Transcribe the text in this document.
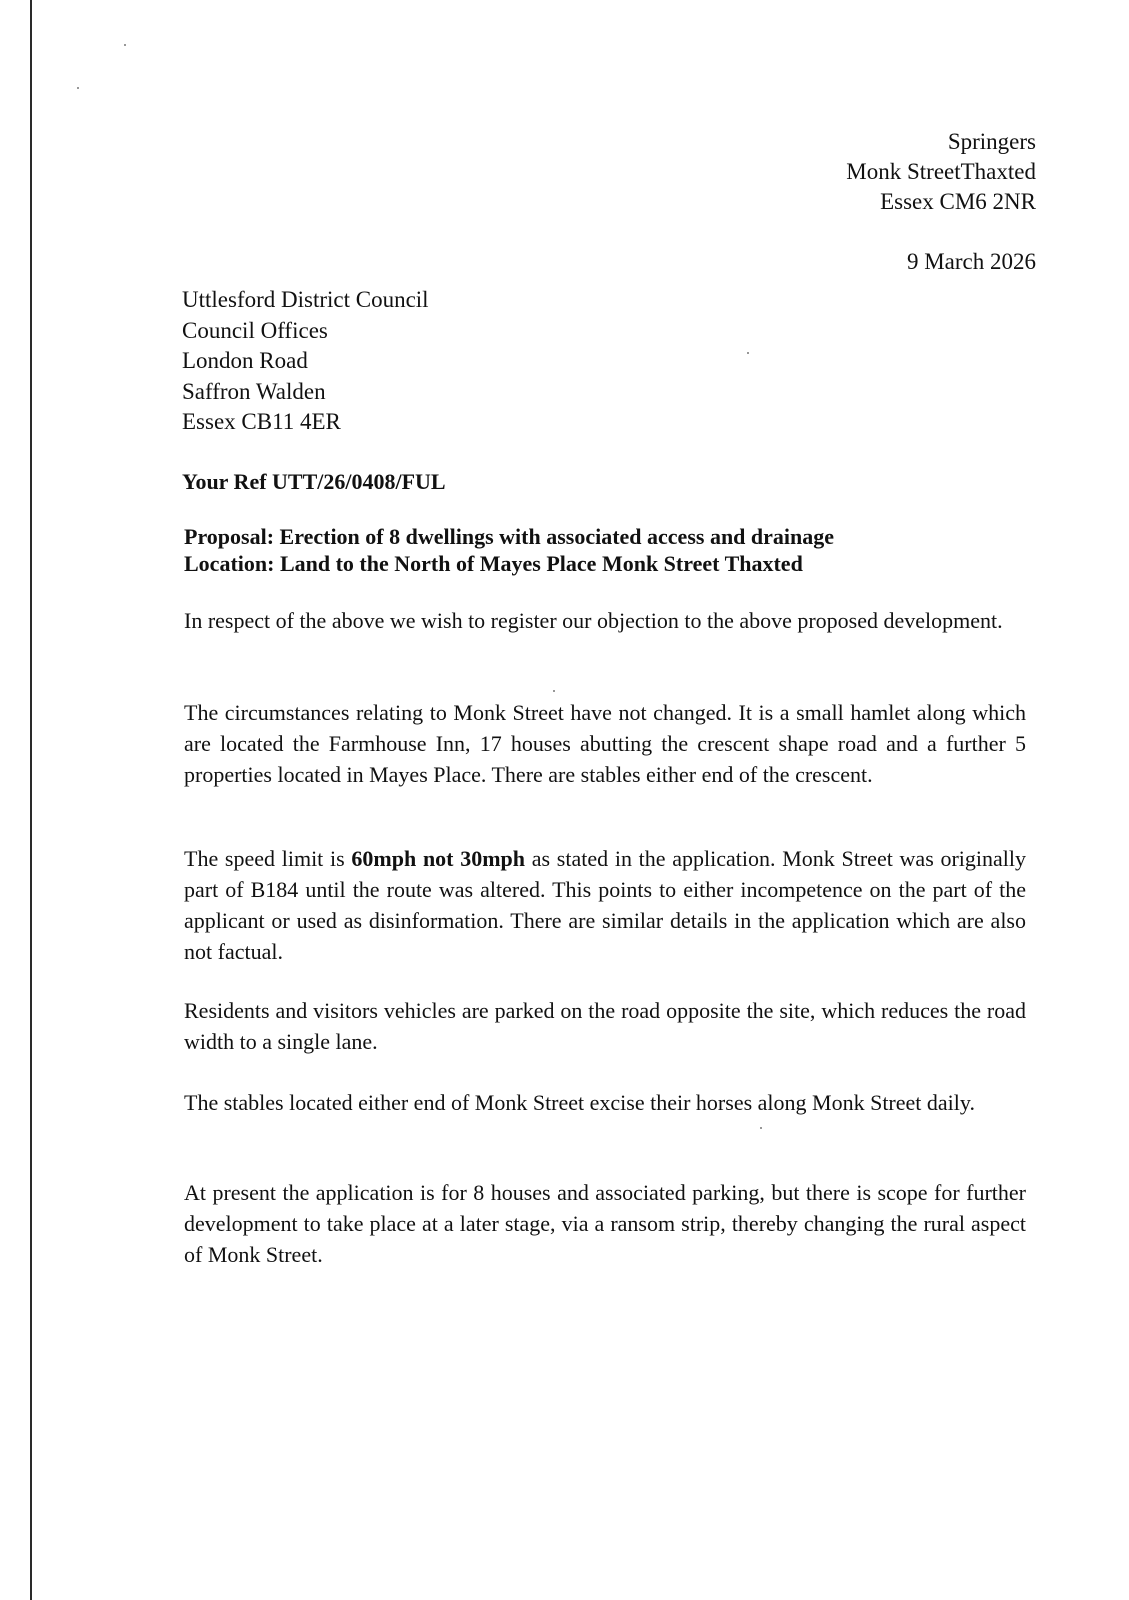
Springers
Monk StreetThaxted
Essex CM6 2NR
9 March 2026
Uttlesford District Council
Council Offices
London Road
Saffron Walden
Essex CB11 4ER
Your Ref UTT/26/0408/FUL
Proposal: Erection of 8 dwellings with associated access and drainage
Location: Land to the North of Mayes Place Monk Street Thaxted

In respect of the above we wish to register our objection to the above proposed development.

The circumstances relating to Monk Street have not changed. It is a small hamlet along which are located the Farmhouse Inn, 17 houses abutting the crescent shape road and a further 5 properties located in Mayes Place. There are stables either end of the crescent.

The speed limit is 60mph not 30mph as stated in the application. Monk Street was originally part of B184 until the route was altered. This points to either incompetence on the part of the applicant or used as disinformation. There are similar details in the application which are also not factual.

Residents and visitors vehicles are parked on the road opposite the site, which reduces the road width to a single lane.

The stables located either end of Monk Street excise their horses along Monk Street daily.

At present the application is for 8 houses and associated parking, but there is scope for further development to take place at a later stage, via a ransom strip, thereby changing the rural aspect of Monk Street.
